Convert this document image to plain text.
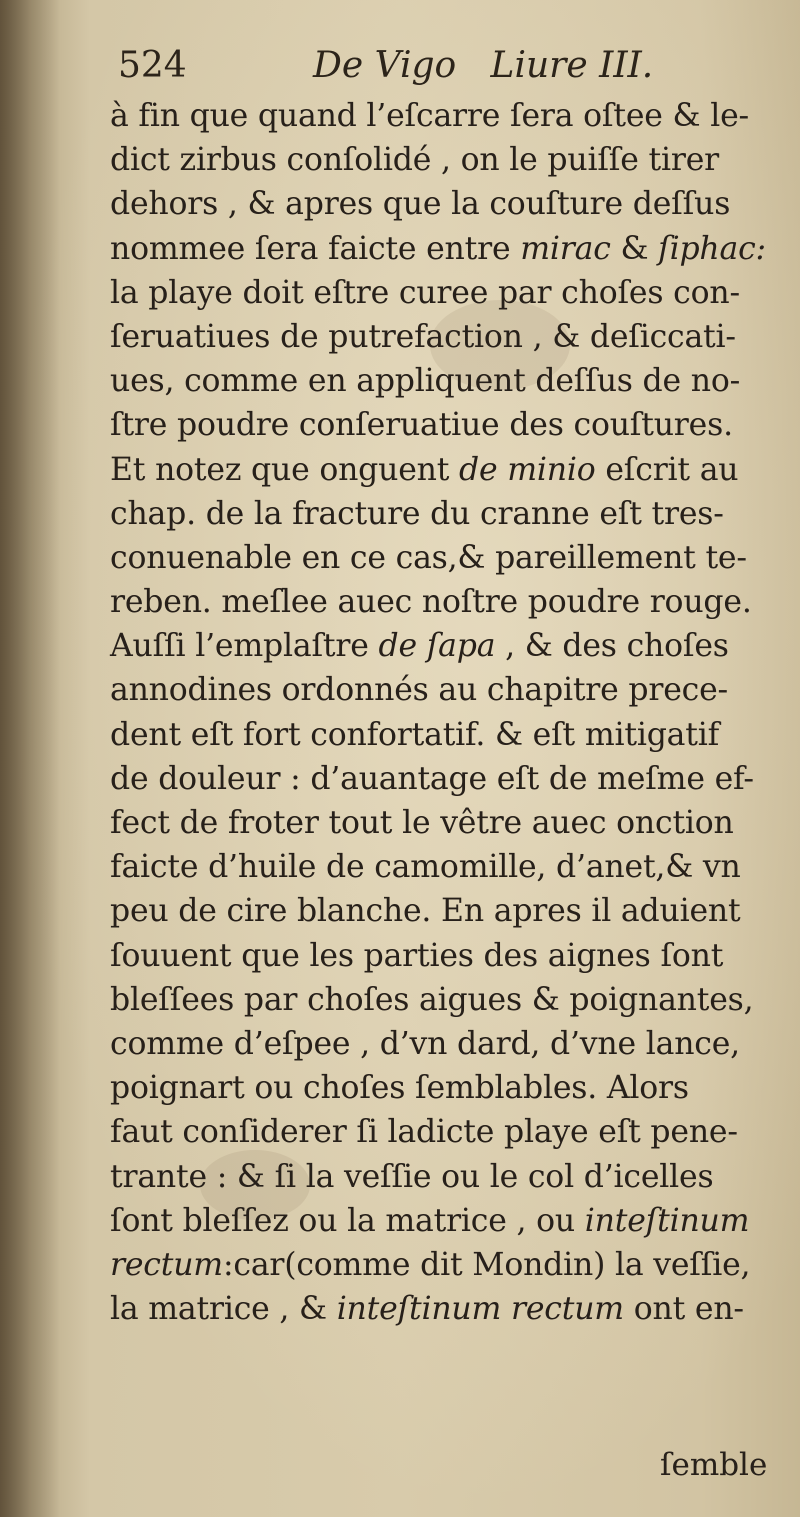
524	De Vigo   Liure III.
à fin que quand l’eſcarre ſera oſtee & le-
dict zirbus conſolidé , on le puiſſe tirer
dehors , & apres que la couſture deſſus
nommee ſera faicte entre mirac & ſiphac:
la playe doit eſtre curee par choſes con-
ſeruatiues de putrefaction , & deſiccati-
ues, comme en appliquent deſſus de no-
ſtre poudre conſeruatiue des couſtures.
Et notez que onguent de minio eſcrit au
chap. de la fracture du cranne eſt tres-
conuenable en ce cas,& pareillement te-
reben. meſlee auec noſtre poudre rouge.
Auſſi l’emplaſtre de ſapa , & des choſes
annodines ordonnés au chapitre prece-
dent eſt fort confortatif. & eſt mitigatif
de douleur : d’auantage eſt de meſme ef-
fect de froter tout le vêtre auec onction
faicte d’huile de camomille, d’anet,& vn
peu de cire blanche. En apres il aduient
ſouuent que les parties des aignes ſont
bleſſees par choſes aigues & poignantes,
comme d’eſpee , d’vn dard, d’vne lance,
poignart ou choſes ſemblables. Alors
faut conſiderer ſi ladicte playe eſt pene-
trante : & ſi la veſſie ou le col d’icelles
ſont bleſſez ou la matrice , ou inteſtinum
rectum:car(comme dit Mondin) la veſſie,
la matrice , & inteſtinum rectum ont en-
ſemble
